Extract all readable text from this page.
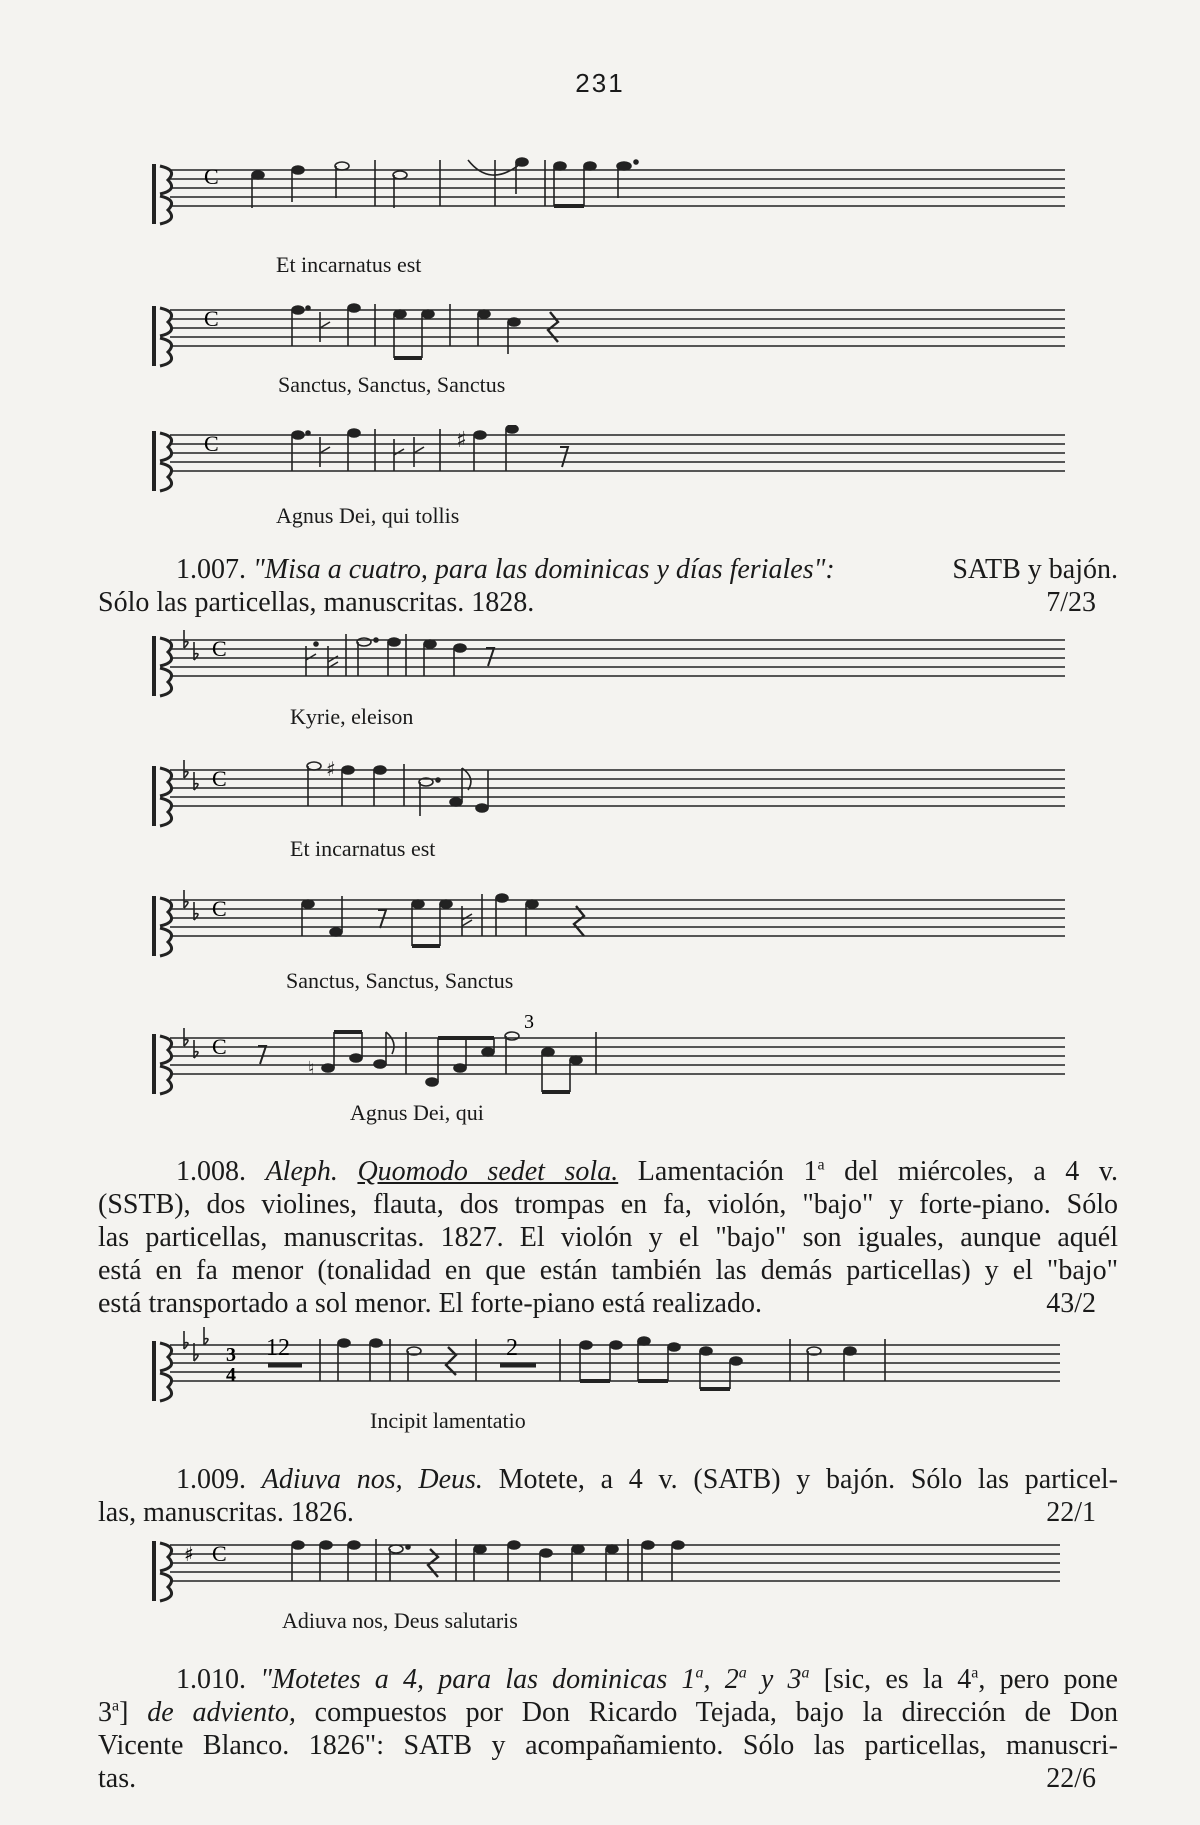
231
C
Et incarnatus est
C
Sanctus, Sanctus, Sanctus
C	♯
Agnus Dei, qui tollis
1.007. "Misa a cuatro, para las dominicas y días feriales":	SATB y bajón.
Sólo las particellas, manuscritas. 1828.	7/23
C
Kyrie, eleison
C	♯
Et incarnatus est
C
Sanctus, Sanctus, Sanctus
3
C
♮
Agnus Dei, qui
1.008. Aleph. Quomodo sedet sola. Lamentación 1$^a$ del miércoles, a 4 v.
(SSTB), dos violines, flauta, dos trompas en fa, violón, "bajo" y forte-piano. Sólo
las particellas, manuscritas. 1827. El violón y el "bajo" son iguales, aunque aquél
está en fa menor (tonalidad en que están también las demás particellas) y el "bajo"
está transportado a sol menor. El forte-piano está realizado.	43/2
3
4
12	2
Incipit lamentatio
1.009. Adiuva nos, Deus. Motete, a 4 v. (SATB) y bajón. Sólo las particel-
las, manuscritas. 1826.	22/1
♯ C
Adiuva nos, Deus salutaris
1.010. "Motetes a 4, para las dominicas 1$^a$, 2$^a$ y 3$^a$ [sic, es la 4$^a$, pero pone
3$^a$] de adviento, compuestos por Don Ricardo Tejada, bajo la dirección de Don
Vicente Blanco. 1826": SATB y acompañamiento. Sólo las particellas, manuscri-
tas.	22/6
